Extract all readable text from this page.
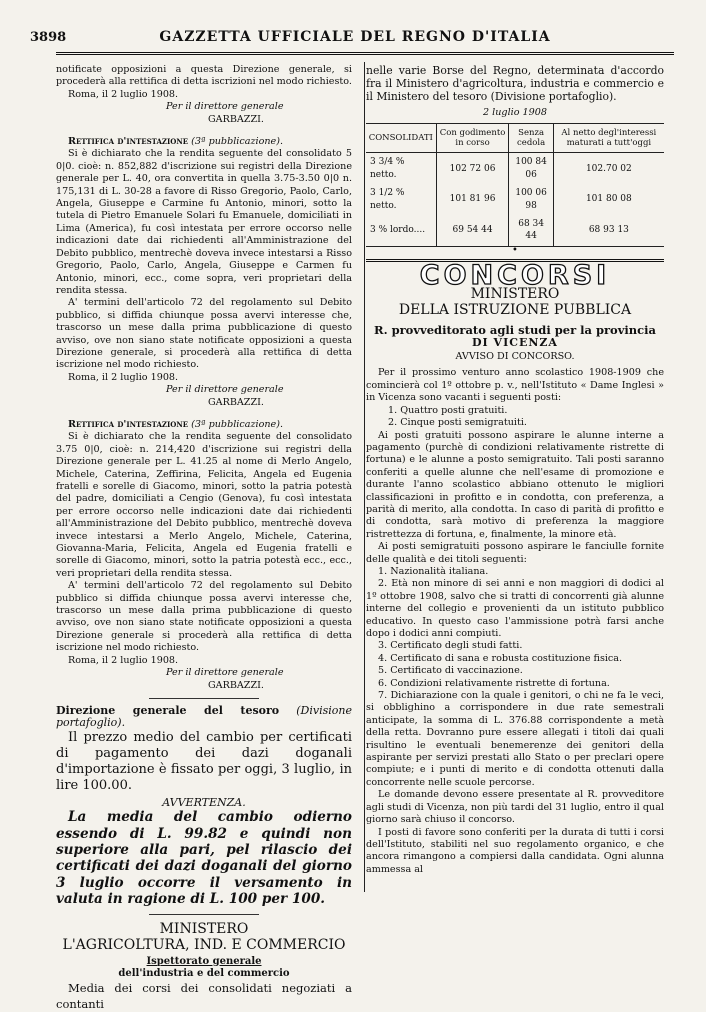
3898	GAZZETTA UFFICIALE DEL REGNO D'ITALIA

notificate opposizioni a questa Direzione generale, si procederà alla rettifica di detta iscrizioni nel modo richiesto.

Roma, il 2 luglio 1908.

Per il direttore generale

GARBAZZI.

Rettifica d'intestazione (3ª pubblicazione).

Si è dichiarato che la rendita seguente del consolidato 5 0|0. cioè: n. 852,882 d'iscrizione sui registri della Direzione generale per L. 40, ora convertita in quella 3.75-3.50 0|0 n. 175,131 di L. 30-28 a favore di Risso Gregorio, Paolo, Carlo, Angela, Giuseppe e Carmine fu Antonio, minori, sotto la tutela di Pietro Emanuele Solari fu Emanuele, domiciliati in Lima (America), fu così intestata per errore occorso nelle indicazioni date dai richiedenti all'Amministrazione del Debito pubblico, mentrechè doveva invece intestarsi a Risso Gregorio, Paolo, Carlo, Angela, Giuseppe e Carmen fu Antonio, minori, ecc., come sopra, veri proprietari della rendita stessa.

A' termini dell'articolo 72 del regolamento sul Debito pubblico, si diffida chiunque possa avervi interesse che, trascorso un mese dalla prima pubblicazione di questo avviso, ove non siano state notificate opposizioni a questa Direzione generale, si procederà alla rettifica di detta iscrizione nel modo richiesto.

Roma, il 2 luglio 1908.

Per il direttore generale

GARBAZZI.

Rettifica d'intestazione (3ª pubblicazione).

Si è dichiarato che la rendita seguente del consolidato 3.75 0|0, cioè: n. 214,420 d'iscrizione sui registri della Direzione generale per L. 41.25 al nome di Merlo Angelo, Michele, Caterina, Zeffirina, Felicita, Angela ed Eugenia fratelli e sorelle di Giacomo, minori, sotto la patria potestà del padre, domiciliati a Cengio (Genova), fu così intestata per errore occorso nelle indicazioni date dai richiedenti all'Amministrazione del Debito pubblico, mentrechè doveva invece intestarsi a Merlo Angelo, Michele, Caterina, Giovanna-Maria, Felicita, Angela ed Eugenia fratelli e sorelle di Giacomo, minori, sotto la patria potestà ecc., ecc., veri proprietari della rendita stessa.

A' termini dell'articolo 72 del regolamento sul Debito pubblico si diffida chiunque possa avervi interesse che, trascorso un mese dalla prima pubblicazione di questo avviso, ove non siano state notificate opposizioni a questa Direzione generale si procederà alla rettifica di detta iscrizione nel modo richiesto.

Roma, il 2 luglio 1908.

Per il direttore generale

GARBAZZI.

Direzione generale del tesoro (Divisione portafoglio).

Il prezzo medio del cambio per certificati di pagamento dei dazi doganali d'importazione è fissato per oggi, 3 luglio, in lire 100.00.

AVVERTENZA.

La media del cambio odierno essendo di L. 99.82 e quindi non superiore alla pari, pel rilascio dei certificati dei dazi doganali del giorno 3 luglio occorre il versamento in valuta in ragione di L. 100 per 100.

MINISTERO

L'AGRICOLTURA, IND. E COMMERCIO

Ispettorato generale

dell'industria e del commercio

Media dei corsi dei consolidati negoziati a contanti

nelle varie Borse del Regno, determinata d'accordo fra il Ministero d'agricoltura, industria e commercio e il Ministero del tesoro (Divisione portafoglio).

2 luglio 1908

CONSOLIDATI	Con godimento in corso	Senza cedola	Al netto degl'interessi maturati a tutt'oggi
3 3/4 % netto.	102 72 06	100 84 06	102.70 02
3 1/2 % netto.	101 81 96	100 06 98	101 80 08
3 % lordo....	69 54 44	68 34 44	68 93 13
•
CONCORSI

MINISTERO

DELLA ISTRUZIONE PUBBLICA

R. provveditorato agli studi per la provincia

DI VICENZA

AVVISO DI CONCORSO.

Per il prossimo venturo anno scolastico 1908-1909 che comincierà col 1º ottobre p. v., nell'Istituto « Dame Inglesi » in Vicenza sono vacanti i seguenti posti:

1. Quattro posti gratuiti.

2. Cinque posti semigratuiti.

Ai posti gratuiti possono aspirare le alunne interne a pagamento (purchè di condizioni relativamente ristrette di fortuna) e le alunne a posto semigratuito. Tali posti saranno conferiti a quelle alunne che nell'esame di promozione e durante l'anno scolastico abbiano ottenuto le migliori classificazioni in profitto e in condotta, con preferenza, a parità di merito, alla condotta. In caso di parità di profitto e di condotta, sarà motivo di preferenza la maggiore ristrettezza di fortuna, e, finalmente, la minore età.

Ai posti semigratuiti possono aspirare le fanciulle fornite delle qualità e dei titoli seguenti:

1. Nazionalità italiana.

2. Età non minore di sei anni e non maggiori di dodici al 1º ottobre 1908, salvo che si tratti di concorrenti già alunne interne del collegio e provenienti da un istituto pubblico educativo. In questo caso l'ammissione potrà farsi anche dopo i dodici anni compiuti.

3. Certificato degli studi fatti.

4. Certificato di sana e robusta costituzione fisica.

5. Certificato di vaccinazione.

6. Condizioni relativamente ristrette di fortuna.

7. Dichiarazione con la quale i genitori, o chi ne fa le veci, si obblighino a corrispondere in due rate semestrali anticipate, la somma di L. 376.88 corrispondente a metà della retta. Dovranno pure essere allegati i titoli dai quali risultino le eventuali benemerenze dei genitori della aspirante per servizi prestati allo Stato o per preclari opere compiute; e i punti di merito e di condotta ottenuti dalla concorrente nelle scuole percorse.

Le domande devono essere presentate al R. provveditore agli studi di Vicenza, non più tardi del 31 luglio, entro il qual giorno sarà chiuso il concorso.

I posti di favore sono conferiti per la durata di tutti i corsi dell'Istituto, stabiliti nel suo regolamento organico, e che ancora rimangono a compiersi dalla candidata. Ogni alunna ammessa al
